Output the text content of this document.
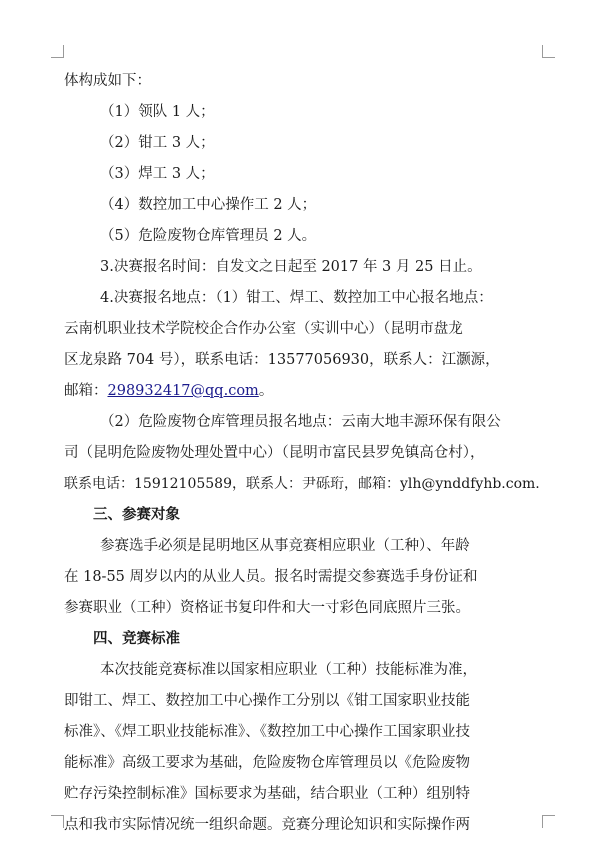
体构成如下：
（1）领队 1 人；
（2）钳工 3 人；
（3）焊工 3 人；
（4）数控加工中心操作工 2 人；
（5）危险废物仓库管理员 2 人。
3.决赛报名时间：自发文之日起至 2017 年 3 月 25 日止。
4.决赛报名地点：（1）钳工、焊工、数控加工中心报名地点：
云南机职业技术学院校企合作办公室（实训中心）（昆明市盘龙
区龙泉路 704 号），联系电话：13577056930，联系人：江灏源，
邮箱：298932417@qq.com。
（2）危险废物仓库管理员报名地点：云南大地丰源环保有限公
司（昆明危险废物处理处置中心）（昆明市富民县罗免镇高仓村），
联系电话：15912105589，联系人：尹砾珩，邮箱：ylh@ynddfyhb.com.
三、参赛对象
参赛选手必须是昆明地区从事竞赛相应职业（工种）、年龄
在 18-55 周岁以内的从业人员。报名时需提交参赛选手身份证和
参赛职业（工种）资格证书复印件和大一寸彩色同底照片三张。
四、竞赛标准
本次技能竞赛标准以国家相应职业（工种）技能标准为准，
即钳工、焊工、数控加工中心操作工分别以《钳工国家职业技能
标准》、《焊工职业技能标准》、《数控加工中心操作工国家职业技
能标准》高级工要求为基础，危险废物仓库管理员以《危险废物
贮存污染控制标准》国标要求为基础，结合职业（工种）组别特
点和我市实际情况统一组织命题。竞赛分理论知识和实际操作两
